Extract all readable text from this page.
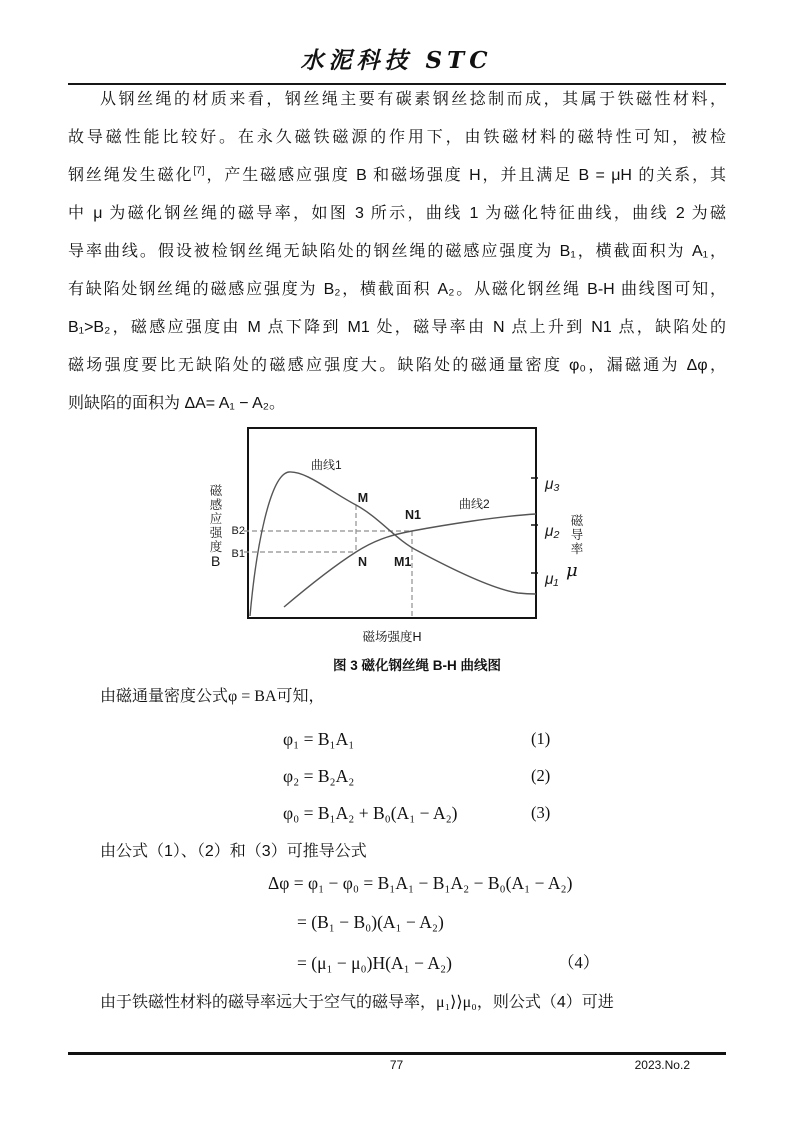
水泥科技 STC
从钢丝绳的材质来看，钢丝绳主要有碳素钢丝捻制而成，其属于铁磁性材料，
故导磁性能比较好。在永久磁铁磁源的作用下，由铁磁材料的磁特性可知，被检
钢丝绳发生磁化[7]，产生磁感应强度 B 和磁场强度 H，并且满足 B = μH 的关系，其
中 μ 为磁化钢丝绳的磁导率，如图 3 所示，曲线 1 为磁化特征曲线，曲线 2 为磁
导率曲线。假设被检钢丝绳无缺陷处的钢丝绳的磁感应强度为 B₁，横截面积为 A₁，
有缺陷处钢丝绳的磁感应强度为 B₂，横截面积 A₂。从磁化钢丝绳 B-H 曲线图可知，
B₁>B₂，磁感应强度由 M 点下降到 M1 处，磁导率由 N 点上升到 N1 点，缺陷处的
磁场强度要比无缺陷处的磁感应强度大。缺陷处的磁通量密度 φ₀，漏磁通为 Δφ，
则缺陷的面积为 ΔA= A₁ − A₂。
曲线1
曲线2
M
N1
N M1
B2
B1
μ₃
μ₂
μ₁
磁感应强度
B
磁导率
μ
磁场强度H
图 3 磁化钢丝绳 B-H 曲线图
由磁通量密度公式φ = BA可知，
φ₁ = B₁A₁	(1)
φ₂ = B₂A₂	(2)
φ₀ = B₁A₂ + B₀(A₁ − A₂)	(3)
由公式（1）、（2）和（3）可推导公式
Δφ = φ₁ − φ₀ = B₁A₁ − B₁A₂ − B₀(A₁ − A₂)
= (B₁ − B₀)(A₁ − A₂)
= (μ₁ − μ₀)H(A₁ − A₂)	（4）
由于铁磁性材料的磁导率远大于空气的磁导率，μ₁⟩⟩μ₀，则公式（4）可进
77	2023.No.2
